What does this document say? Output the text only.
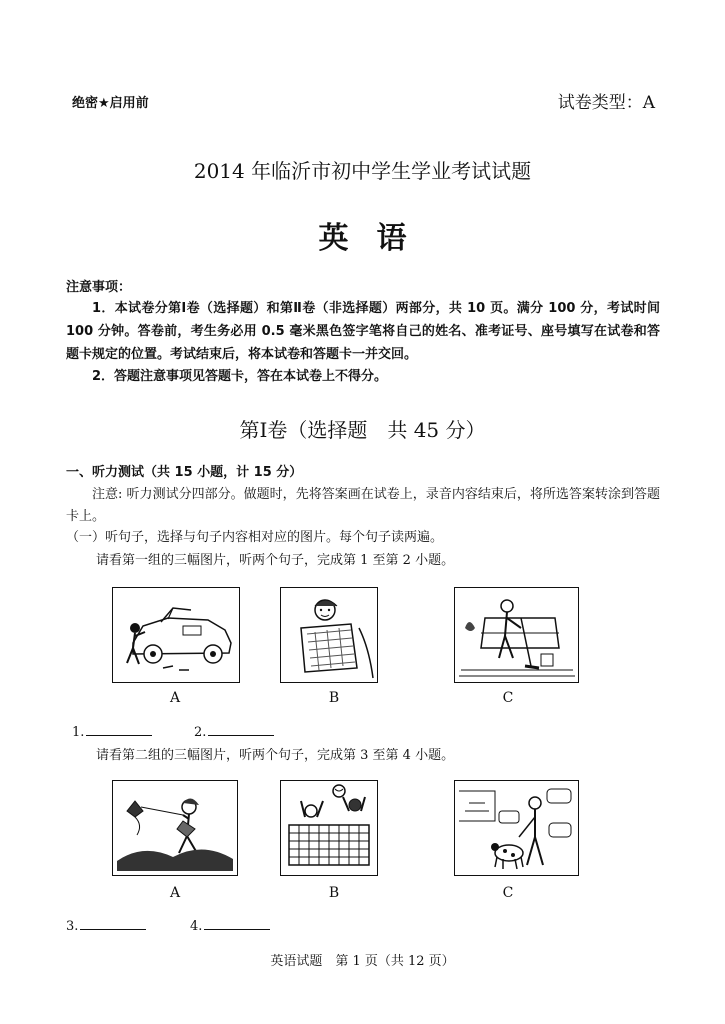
绝密★启用前	试卷类型：A
2014 年临沂市初中学生学业考试试题
英语
注意事项：
1．本试卷分第Ⅰ卷（选择题）和第Ⅱ卷（非选择题）两部分，共 10 页。满分 100 分，考试时间 100 分钟。答卷前，考生务必用 0.5 毫米黑色签字笔将自己的姓名、准考证号、座号填写在试卷和答题卡规定的位置。考试结束后，将本试卷和答题卡一并交回。
2．答题注意事项见答题卡，答在本试卷上不得分。
第Ⅰ卷（选择题　共 45 分）
一、听力测试（共 15 小题，计 15 分）
注意: 听力测试分四部分。做题时，先将答案画在试卷上，录音内容结束后，将所选答案转涂到答题卡上。
（一）听句子，选择与句子内容相对应的图片。每个句子读两遍。
请看第一组的三幅图片，听两个句子，完成第 1 至第 2 小题。
A	B	C
1.	2.
请看第二组的三幅图片，听两个句子，完成第 3 至第 4 小题。
A	B	C
3.	4.
英语试题　第 1 页（共 12 页）
